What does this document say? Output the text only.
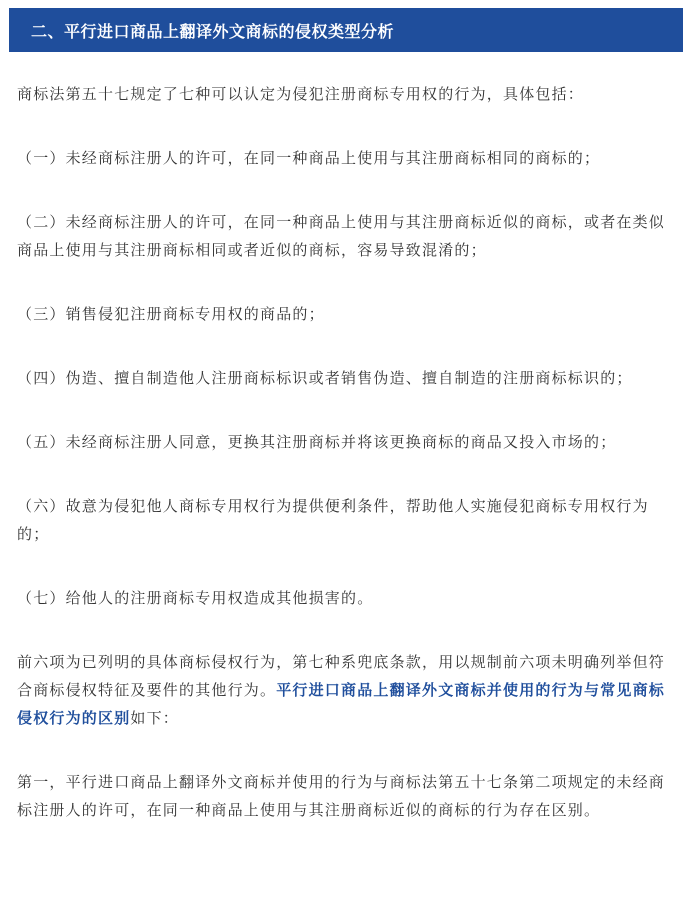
二、平行进口商品上翻译外文商标的侵权类型分析

商标法第五十七规定了七种可以认定为侵犯注册商标专用权的行为，具体包括：

（一）未经商标注册人的许可，在同一种商品上使用与其注册商标相同的商标的；

（二）未经商标注册人的许可，在同一种商品上使用与其注册商标近似的商标，或者在类似商品上使用与其注册商标相同或者近似的商标，容易导致混淆的；

（三）销售侵犯注册商标专用权的商品的；

（四）伪造、擅自制造他人注册商标标识或者销售伪造、擅自制造的注册商标标识的；

（五）未经商标注册人同意，更换其注册商标并将该更换商标的商品又投入市场的；

（六）故意为侵犯他人商标专用权行为提供便利条件，帮助他人实施侵犯商标专用权行为的；

（七）给他人的注册商标专用权造成其他损害的。

前六项为已列明的具体商标侵权行为，第七种系兜底条款，用以规制前六项未明确列举但符合商标侵权特征及要件的其他行为。平行进口商品上翻译外文商标并使用的行为与常见商标侵权行为的区别如下：

第一，平行进口商品上翻译外文商标并使用的行为与商标法第五十七条第二项规定的未经商标注册人的许可，在同一种商品上使用与其注册商标近似的商标的行为存在区别。
